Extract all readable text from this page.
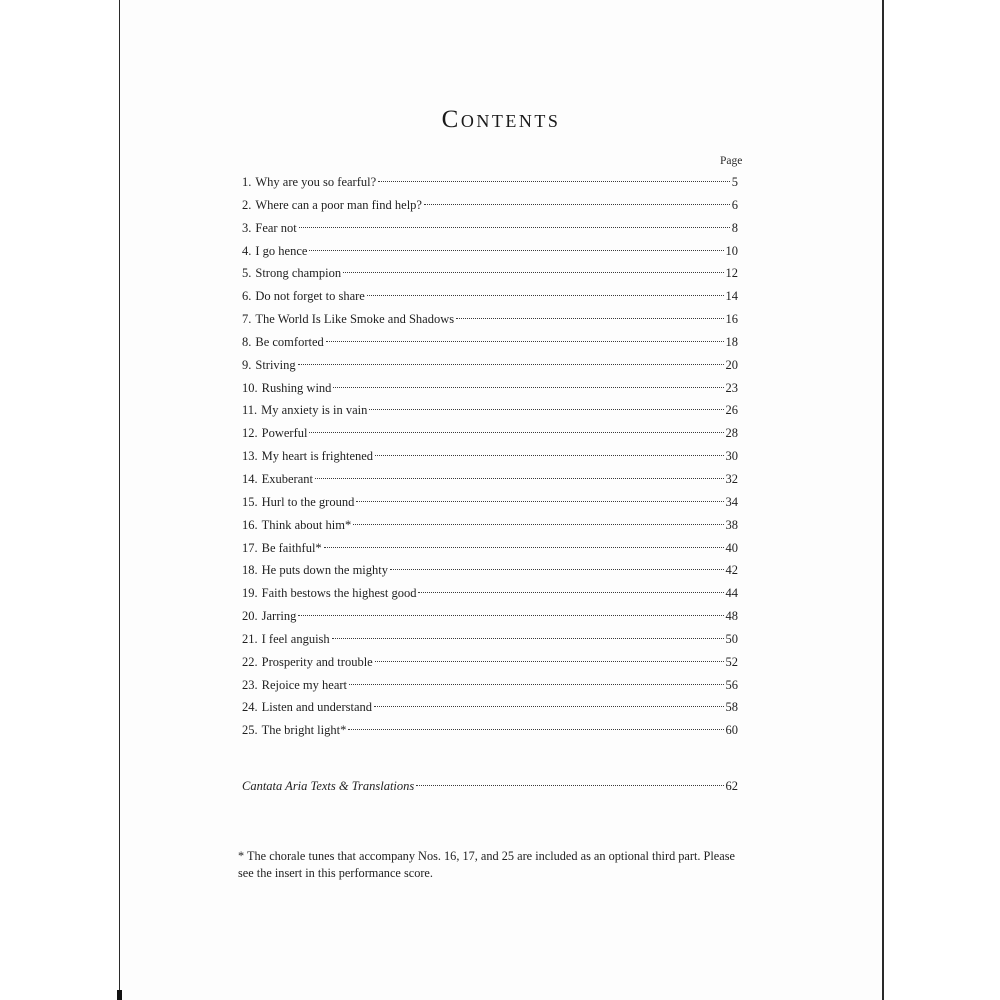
Contents
Page
1. Why are you so fearful?	5
2. Where can a poor man find help?	6
3. Fear not	8
4. I go hence	10
5. Strong champion	12
6. Do not forget to share	14
7. The World Is Like Smoke and Shadows	16
8. Be comforted	18
9. Striving	20
10. Rushing wind	23
11. My anxiety is in vain	26
12. Powerful	28
13. My heart is frightened	30
14. Exuberant	32
15. Hurl to the ground	34
16. Think about him*	38
17. Be faithful*	40
18. He puts down the mighty	42
19. Faith bestows the highest good	44
20. Jarring	48
21. I feel anguish	50
22. Prosperity and trouble	52
23. Rejoice my heart	56
24. Listen and understand	58
25. The bright light*	60
Cantata Aria Texts & Translations	62
* The chorale tunes that accompany Nos. 16, 17, and 25 are included as an optional third part. Please see the insert in this performance score.
